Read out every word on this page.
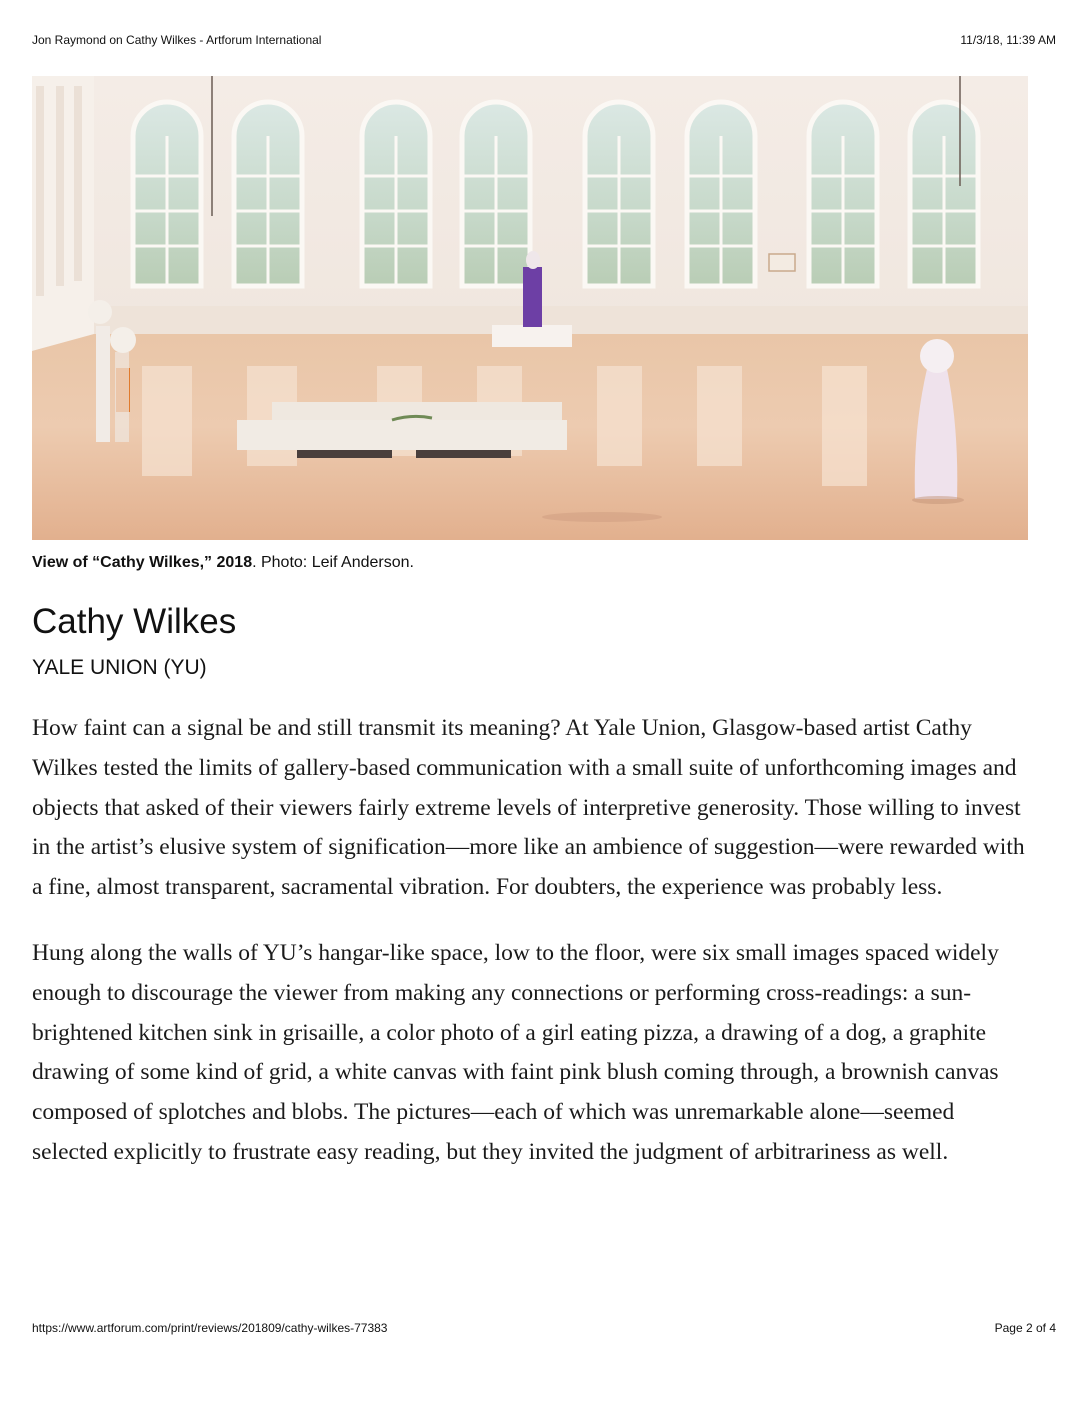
Jon Raymond on Cathy Wilkes - Artforum International	11/3/18, 11:39 AM
View of “Cathy Wilkes,” 2018. Photo: Leif Anderson.
Cathy Wilkes
YALE UNION (YU)

How faint can a signal be and still transmit its meaning? At Yale Union, Glasgow-based artist Cathy Wilkes tested the limits of gallery-based communication with a small suite of unforthcoming images and objects that asked of their viewers fairly extreme levels of interpretive generosity. Those willing to invest in the artist’s elusive system of signification—more like an ambience of suggestion—were rewarded with a fine, almost transparent, sacramental vibration. For doubters, the experience was probably less.

Hung along the walls of YU’s hangar-like space, low to the floor, were six small images spaced widely enough to discourage the viewer from making any connections or performing cross-readings: a sun-brightened kitchen sink in grisaille, a color photo of a girl eating pizza, a drawing of a dog, a graphite drawing of some kind of grid, a white canvas with faint pink blush coming through, a brownish canvas composed of splotches and blobs. The pictures—each of which was unremarkable alone—seemed selected explicitly to frustrate easy reading, but they invited the judgment of arbitrariness as well.

https://www.artforum.com/print/reviews/201809/cathy-wilkes-77383	Page 2 of 4
